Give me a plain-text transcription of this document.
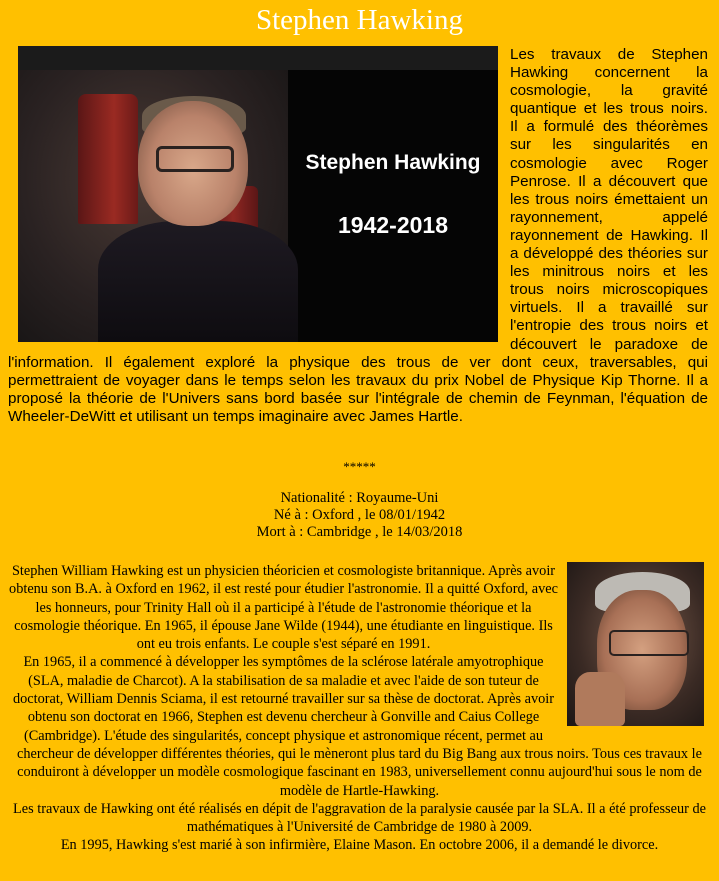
Stephen Hawking
Stephen Hawking
1942-2018
Les travaux de Stephen Hawking concernent la cosmologie, la gravité quantique et les trous noirs. Il a formulé des théorèmes sur les singularités en cosmologie avec Roger Penrose. Il a découvert que les trous noirs émettaient un rayonnement, appelé rayonnement de Hawking. Il a développé des théories sur les minitrous noirs et les trous noirs microscopiques virtuels. Il a travaillé sur l'entropie des trous noirs et découvert le paradoxe de l'information. Il également exploré la physique des trous de ver dont ceux, traversables, qui permettraient de voyager dans le temps selon les travaux du prix Nobel de Physique Kip Thorne. Il a proposé la théorie de l'Univers sans bord basée sur l'intégrale de chemin de Feynman, l'équation de Wheeler-DeWitt et utilisant un temps imaginaire avec James Hartle.
*****
Nationalité : Royaume-Uni
Né à : Oxford , le 08/01/1942
Mort à : Cambridge , le 14/03/2018

Stephen William Hawking est un physicien théoricien et cosmologiste britannique. Après avoir obtenu son B.A. à Oxford en 1962, il est resté pour étudier l'astronomie. Il a quitté Oxford, avec les honneurs, pour Trinity Hall où il a participé à l'étude de l'astronomie théorique et la cosmologie théorique. En 1965, il épouse Jane Wilde (1944), une étudiante en linguistique. Ils ont eu trois enfants. Le couple s'est séparé en 1991.

En 1965, il a commencé à développer les symptômes de la sclérose latérale amyotrophique (SLA, maladie de Charcot). A la stabilisation de sa maladie et avec l'aide de son tuteur de doctorat, William Dennis Sciama, il est retourné travailler sur sa thèse de doctorat. Après avoir obtenu son doctorat en 1966, Stephen est devenu chercheur à Gonville and Caius College (Cambridge). L'étude des singularités, concept physique et astronomique récent, permet au chercheur de développer différentes théories, qui le mèneront plus tard du Big Bang aux trous noirs. Tous ces travaux le conduiront à développer un modèle cosmologique fascinant en 1983, universellement connu aujourd'hui sous le nom de modèle de Hartle-Hawking.

Les travaux de Hawking ont été réalisés en dépit de l'aggravation de la paralysie causée par la SLA. Il a été professeur de mathématiques à l'Université de Cambridge de 1980 à 2009.

En 1995, Hawking s'est marié à son infirmière, Elaine Mason. En octobre 2006, il a demandé le divorce.
